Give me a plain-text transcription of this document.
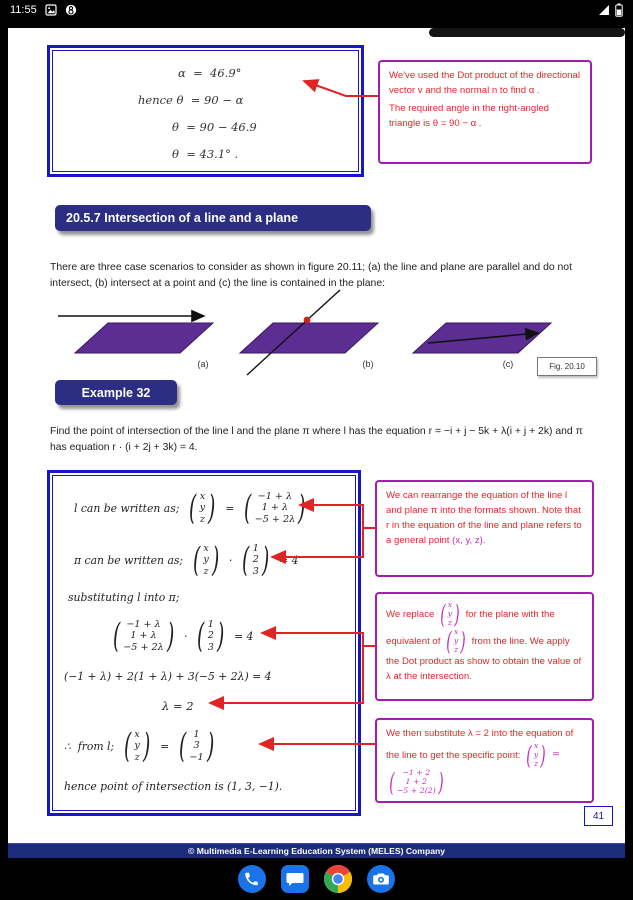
11:55
α  =  46.9°
hence θ  = 90 − α
θ  = 90 − 46.9
θ  = 43.1° .
We've used the Dot product of the directional vector v and the normal n to find α .
The required angle in the right-angled triangle is θ = 90 − α .
20.5.7 Intersection of a line and a plane

There are three case scenarios to consider as shown in figure 20.11; (a) the line and plane are parallel and do not intersect, (b) intersect at a point and (c) the line is contained in the plane:

(a)	(b)	(c)	Fig. 20.10
Example 32

Find the point of intersection of the line l and the plane π where l has the equation r = −i + j − 5k + λ(i + j + 2k) and π has equation r · (i + 2j + 3k) = 4.

l can be written as; ( x
y
z ) = ( −1 + λ
1 + λ
−5 + 2λ )
π can be written as; ( x
y
z ) · ( 1
2
3 ) = 4
substituting l into π;
( −1 + λ
1 + λ
−5 + 2λ ) · ( 1
2
3 ) = 4
(−1 + λ) + 2(1 + λ) + 3(−5 + 2λ) = 4
λ = 2
∴  from l; ( x
y
z ) = ( 1
3
−1 )
hence point of intersection is (1, 3, −1).
We can rearrange the equation of the line l and plane π into the formats shown. Note that r in the equation of the line and plane refers to a general point (x, y, z).
We replace ( x
y
z ) for the plane with the equivalent of ( x
y
z ) from the line. We apply the Dot product as show to obtain the value of λ at the intersection.
We then substitute λ = 2 into the equation of the line to get the specific point: ( x
y
z ) =
( −1 + 2
1 + 2
−5 + 2(2) )
41
© Multimedia E-Learning Education System (MELES) Company
